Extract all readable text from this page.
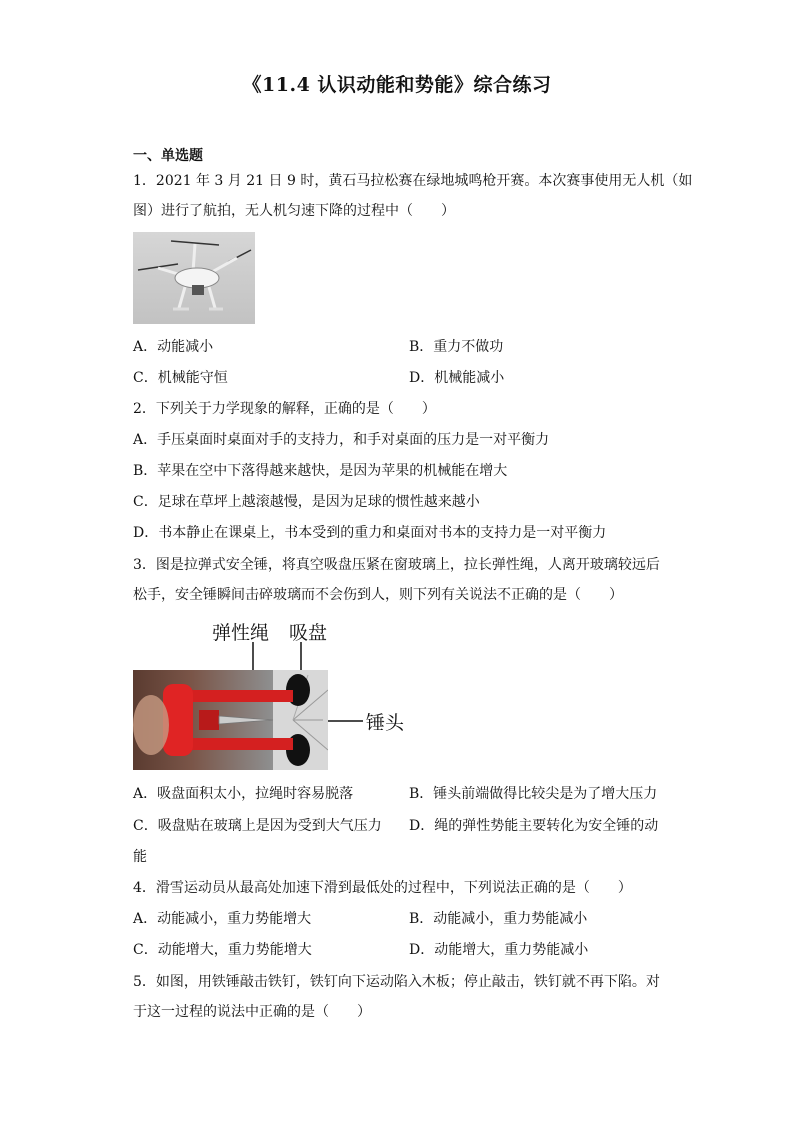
《11.4 认识动能和势能》综合练习
一、单选题
1．2021 年 3 月 21 日 9 时，黄石马拉松赛在绿地城鸣枪开赛。本次赛事使用无人机（如
图）进行了航拍，无人机匀速下降的过程中（　　）
A．动能减小	B．重力不做功
C．机械能守恒	D．机械能减小
2．下列关于力学现象的解释，正确的是（　　）
A．手压桌面时桌面对手的支持力，和手对桌面的压力是一对平衡力
B．苹果在空中下落得越来越快，是因为苹果的机械能在增大
C．足球在草坪上越滚越慢，是因为足球的惯性越来越小
D．书本静止在课桌上，书本受到的重力和桌面对书本的支持力是一对平衡力
3．图是拉弹式安全锤，将真空吸盘压紧在窗玻璃上，拉长弹性绳，人离开玻璃较远后
松手，安全锤瞬间击碎玻璃而不会伤到人，则下列有关说法不正确的是（　　）
弹性绳 吸盘
锤头
A．吸盘面积太小，拉绳时容易脱落	B．锤头前端做得比较尖是为了增大压力
C．吸盘贴在玻璃上是因为受到大气压力 D．绳的弹性势能主要转化为安全锤的动
能
4．滑雪运动员从最高处加速下滑到最低处的过程中，下列说法正确的是（　　）
A．动能减小，重力势能增大	B．动能减小，重力势能减小
C．动能增大，重力势能增大	D．动能增大，重力势能减小
5．如图，用铁锤敲击铁钉，铁钉向下运动陷入木板；停止敲击，铁钉就不再下陷。对
于这一过程的说法中正确的是（　　）
